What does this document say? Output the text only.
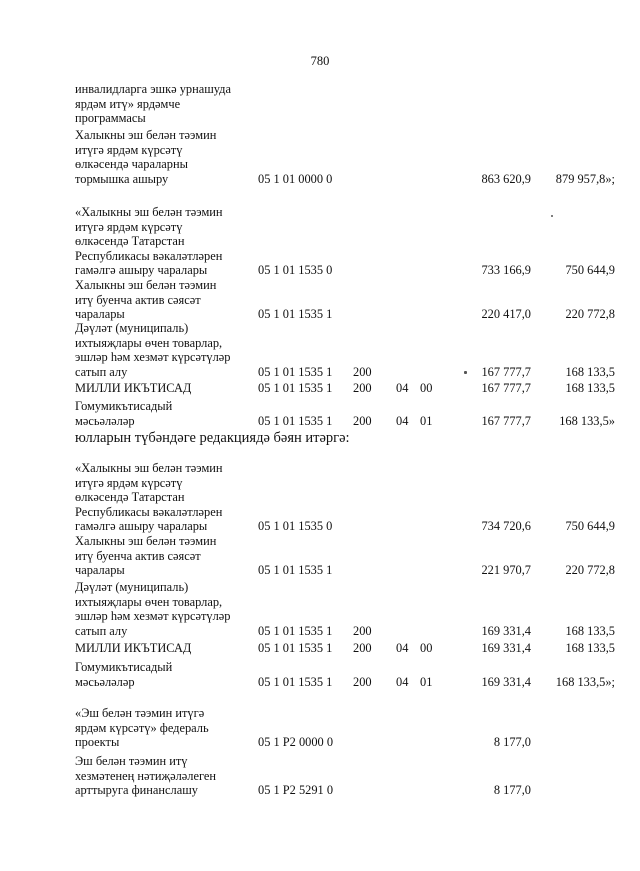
780
инвалидларга эшкә урнашуда
ярдәм итү» ярдәмче
программасы
Халыкны эш белән тәэмин
итүгә ярдәм күрсәтү
өлкәсендә чараларны
тормышка ашыру	05 1 01 0000 0	863 620,9	879 957,8»;
«Халыкны эш белән тәэмин
итүгә ярдәм күрсәтү
өлкәсендә Татарстан
Республикасы вәкаләтләрен
гамәлгә ашыру чаралары	05 1 01 1535 0	733 166,9	750 644,9
Халыкны эш белән тәэмин
итү буенча актив сәясәт
чаралары	05 1 01 1535 1	220 417,0	220 772,8
Дәүләт (муниципаль)
ихтыяҗлары өчен товарлар,
эшләр һәм хезмәт күрсәтүләр
сатып алу	05 1 01 1535 1 200	167 777,7	168 133,5
МИЛЛИ ИКЪТИСАД	05 1 01 1535 1 200 04 00	167 777,7	168 133,5
Гомумикътисадый
мәсьәләләр	05 1 01 1535 1 200 04 01	167 777,7	168 133,5»
юлларын түбәндәге редакциядә бәян итәргә:
«Халыкны эш белән тәэмин
итүгә ярдәм күрсәтү
өлкәсендә Татарстан
Республикасы вәкаләтләрен
гамәлгә ашыру чаралары	05 1 01 1535 0	734 720,6	750 644,9
Халыкны эш белән тәэмин
итү буенча актив сәясәт
чаралары	05 1 01 1535 1	221 970,7	220 772,8
Дәүләт (муниципаль)
ихтыяҗлары өчен товарлар,
эшләр һәм хезмәт күрсәтүләр
сатып алу	05 1 01 1535 1 200	169 331,4	168 133,5
МИЛЛИ ИКЪТИСАД	05 1 01 1535 1 200 04 00	169 331,4	168 133,5
Гомумикътисадый
мәсьәләләр	05 1 01 1535 1 200 04 01	169 331,4	168 133,5»;
«Эш белән тәэмин итүгә
ярдәм күрсәтү» федераль
проекты	05 1 P2 0000 0	8 177,0
Эш белән тәэмин итү
хезмәтенең нәтиҗәләлеген
арттыруга финанслашу	05 1 P2 5291 0	8 177,0
